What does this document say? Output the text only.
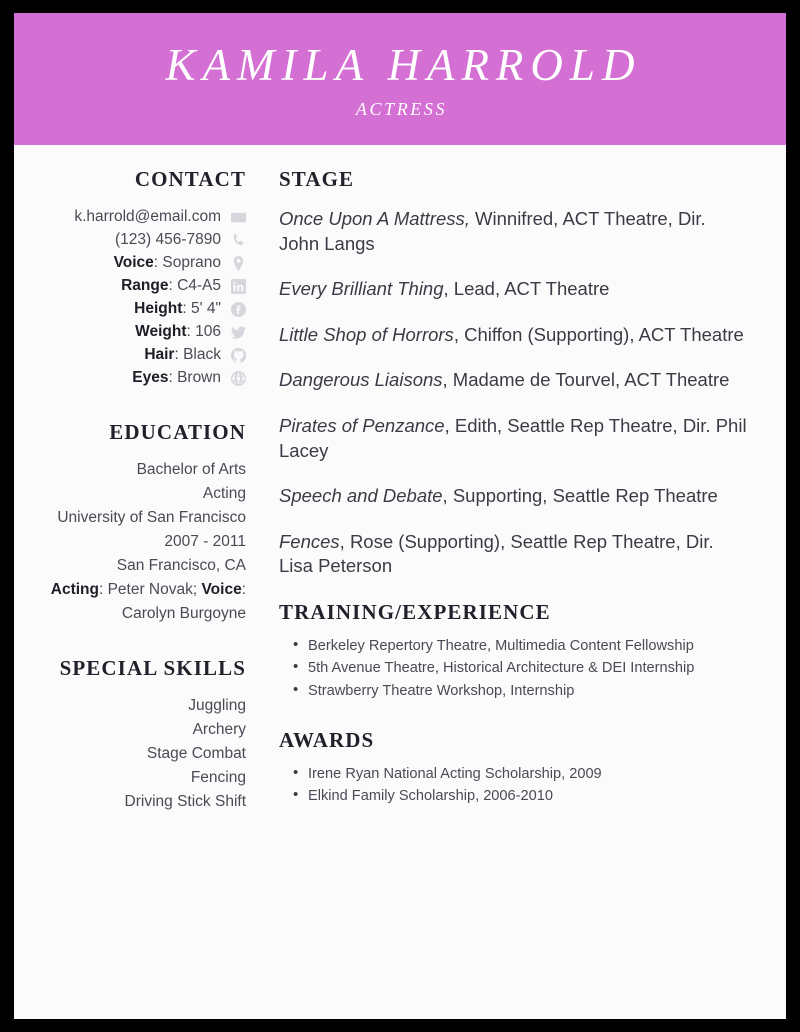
KAMILA HARROLD
ACTRESS
CONTACT
k.harrold@email.com
(123) 456-7890
Voice: Soprano
Range: C4-A5
Height: 5' 4"
Weight: 106
Hair: Black
Eyes: Brown
EDUCATION
Bachelor of Arts
Acting
University of San Francisco
2007 - 2011
San Francisco, CA
Acting: Peter Novak; Voice: Carolyn Burgoyne
SPECIAL SKILLS
Juggling
Archery
Stage Combat
Fencing
Driving Stick Shift
STAGE
Once Upon A Mattress, Winnifred, ACT Theatre, Dir. John Langs
Every Brilliant Thing, Lead, ACT Theatre
Little Shop of Horrors, Chiffon (Supporting), ACT Theatre
Dangerous Liaisons, Madame de Tourvel, ACT Theatre
Pirates of Penzance, Edith, Seattle Rep Theatre, Dir. Phil Lacey
Speech and Debate, Supporting, Seattle Rep Theatre
Fences, Rose (Supporting), Seattle Rep Theatre, Dir. Lisa Peterson
TRAINING/EXPERIENCE
• Berkeley Repertory Theatre, Multimedia Content Fellowship
• 5th Avenue Theatre, Historical Architecture & DEI Internship
• Strawberry Theatre Workshop, Internship
AWARDS
• Irene Ryan National Acting Scholarship, 2009
• Elkind Family Scholarship, 2006-2010
